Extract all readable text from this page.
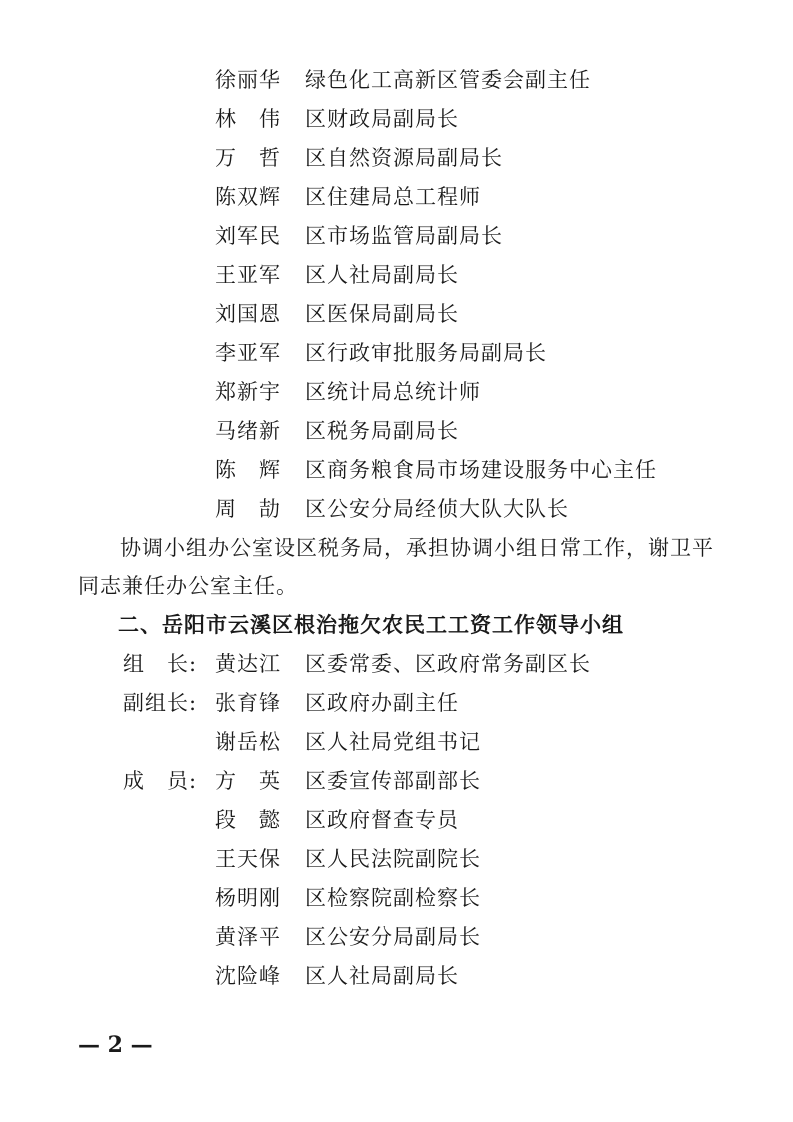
徐丽华 绿色化工高新区管委会副主任
林　伟 区财政局副局长
万　哲 区自然资源局副局长
陈双辉 区住建局总工程师
刘军民 区市场监管局副局长
王亚军 区人社局副局长
刘国恩 区医保局副局长
李亚军 区行政审批服务局副局长
郑新宇 区统计局总统计师
马绪新 区税务局副局长
陈　辉 区商务粮食局市场建设服务中心主任
周　劼 区公安分局经侦大队大队长
协调小组办公室设区税务局，承担协调小组日常工作，谢卫平
同志兼任办公室主任。
二、岳阳市云溪区根治拖欠农民工工资工作领导小组
组　长: 黄达江 区委常委、区政府常务副区长
副组长: 张育锋 区政府办副主任
谢岳松 区人社局党组书记
成　员: 方　英 区委宣传部副部长
段　懿 区政府督查专员
王天保 区人民法院副院长
杨明刚 区检察院副检察长
黄泽平 区公安分局副局长
沈险峰 区人社局副局长
— 2 —
